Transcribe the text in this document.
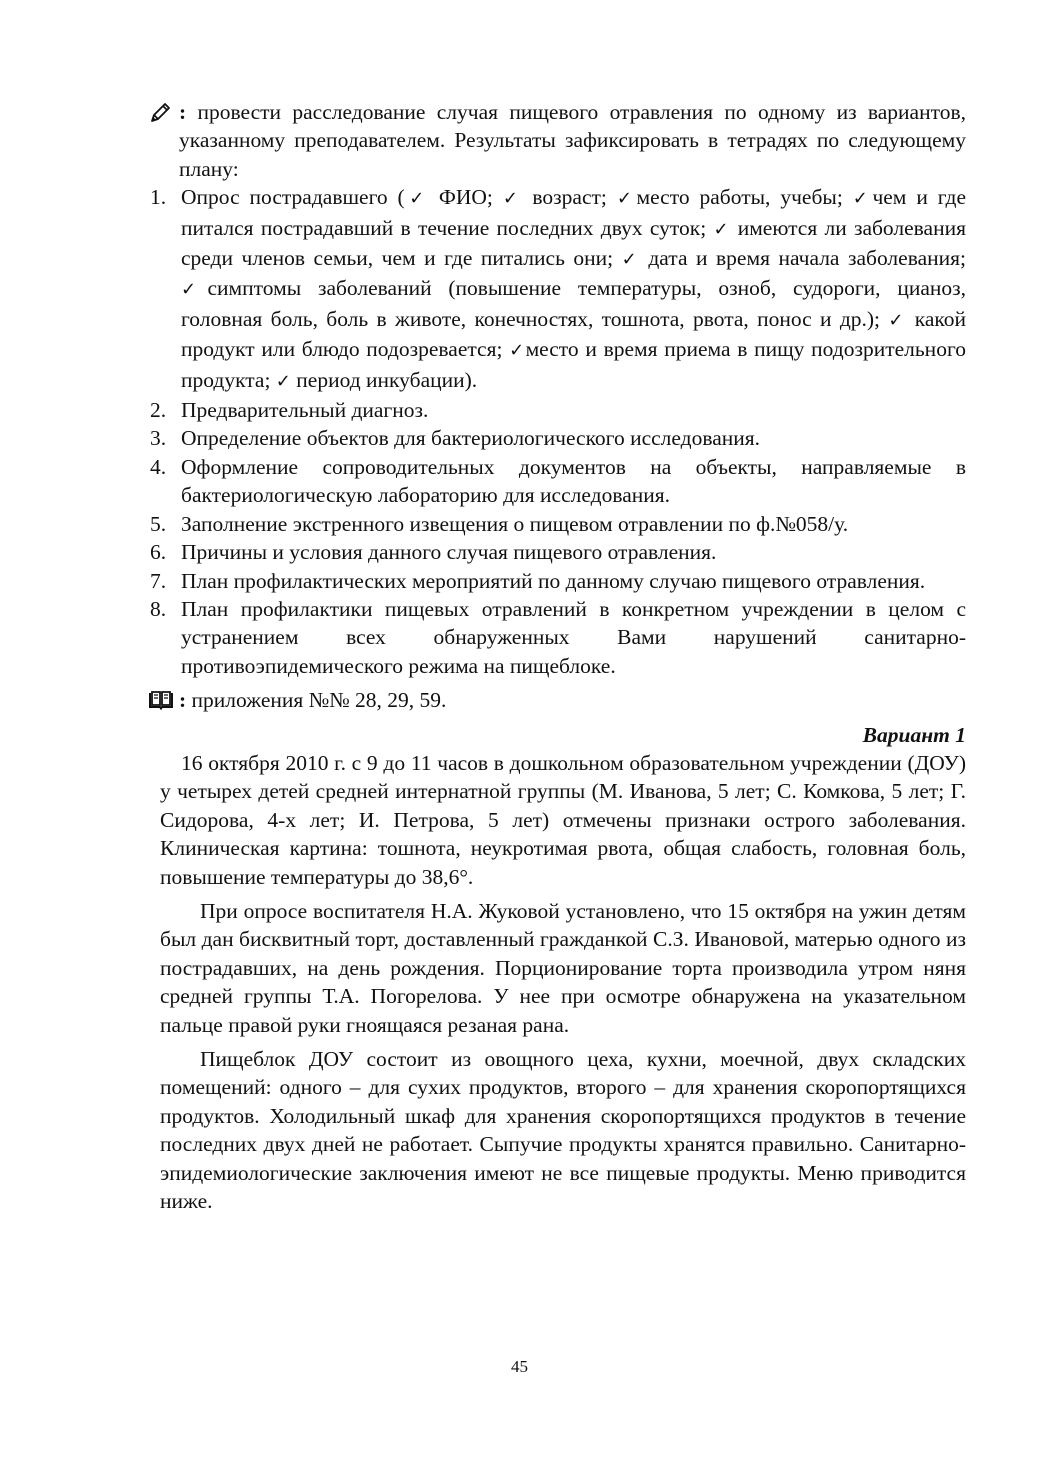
: провести расследование случая пищевого отравления по одному из вариантов, указанному преподавателем. Результаты зафиксировать в тетрадях по следующему плану:
1. Опрос пострадавшего (✓ ФИО; ✓ возраст; ✓место работы, учебы; ✓чем и где питался пострадавший в течение последних двух суток; ✓ имеются ли заболевания среди членов семьи, чем и где питались они; ✓ дата и время начала заболевания; ✓симптомы заболеваний (повышение температуры, озноб, судороги, цианоз, головная боль, боль в животе, конечностях, тошнота, рвота, понос и др.); ✓ какой продукт или блюдо подозревается; ✓место и время приема в пищу подозрительного продукта; ✓ период инкубации).
2. Предварительный диагноз.
3. Определение объектов для бактериологического исследования.
4. Оформление сопроводительных документов на объекты, направляемые в бактериологическую лабораторию для исследования.
5. Заполнение экстренного извещения о пищевом отравлении по ф.№058/у.
6. Причины и условия данного случая пищевого отравления.
7. План профилактических мероприятий по данному случаю пищевого отравления.
8. План профилактики пищевых отравлений в конкретном учреждении в целом с устранением всех обнаруженных Вами нарушений санитарно-противоэпидемического режима на пищеблоке.
: приложения №№ 28, 29, 59.
Вариант 1

16 октября 2010 г. с 9 до 11 часов в дошкольном образовательном учреждении (ДОУ) у четырех детей средней интернатной группы (М. Иванова, 5 лет; С. Комкова, 5 лет; Г. Сидорова, 4-х лет; И. Петрова, 5 лет) отмечены признаки острого заболевания. Клиническая картина: тошнота, неукротимая рвота, общая слабость, головная боль, повышение температуры до 38,6°.

При опросе воспитателя Н.А. Жуковой установлено, что 15 октября на ужин детям был дан бисквитный торт, доставленный гражданкой С.З. Ивановой, матерью одного из пострадавших, на день рождения. Порционирование торта производила утром няня средней группы Т.А. Погорелова. У нее при осмотре обнаружена на указательном пальце правой руки гноящаяся резаная рана.

Пищеблок ДОУ состоит из овощного цеха, кухни, моечной, двух складских помещений: одного – для сухих продуктов, второго – для хранения скоропортящихся продуктов. Холодильный шкаф для хранения скоропортящихся продуктов в течение последних двух дней не работает. Сыпучие продукты хранятся правильно. Санитарно-эпидемиологические заключения имеют не все пищевые продукты. Меню приводится ниже.

45
